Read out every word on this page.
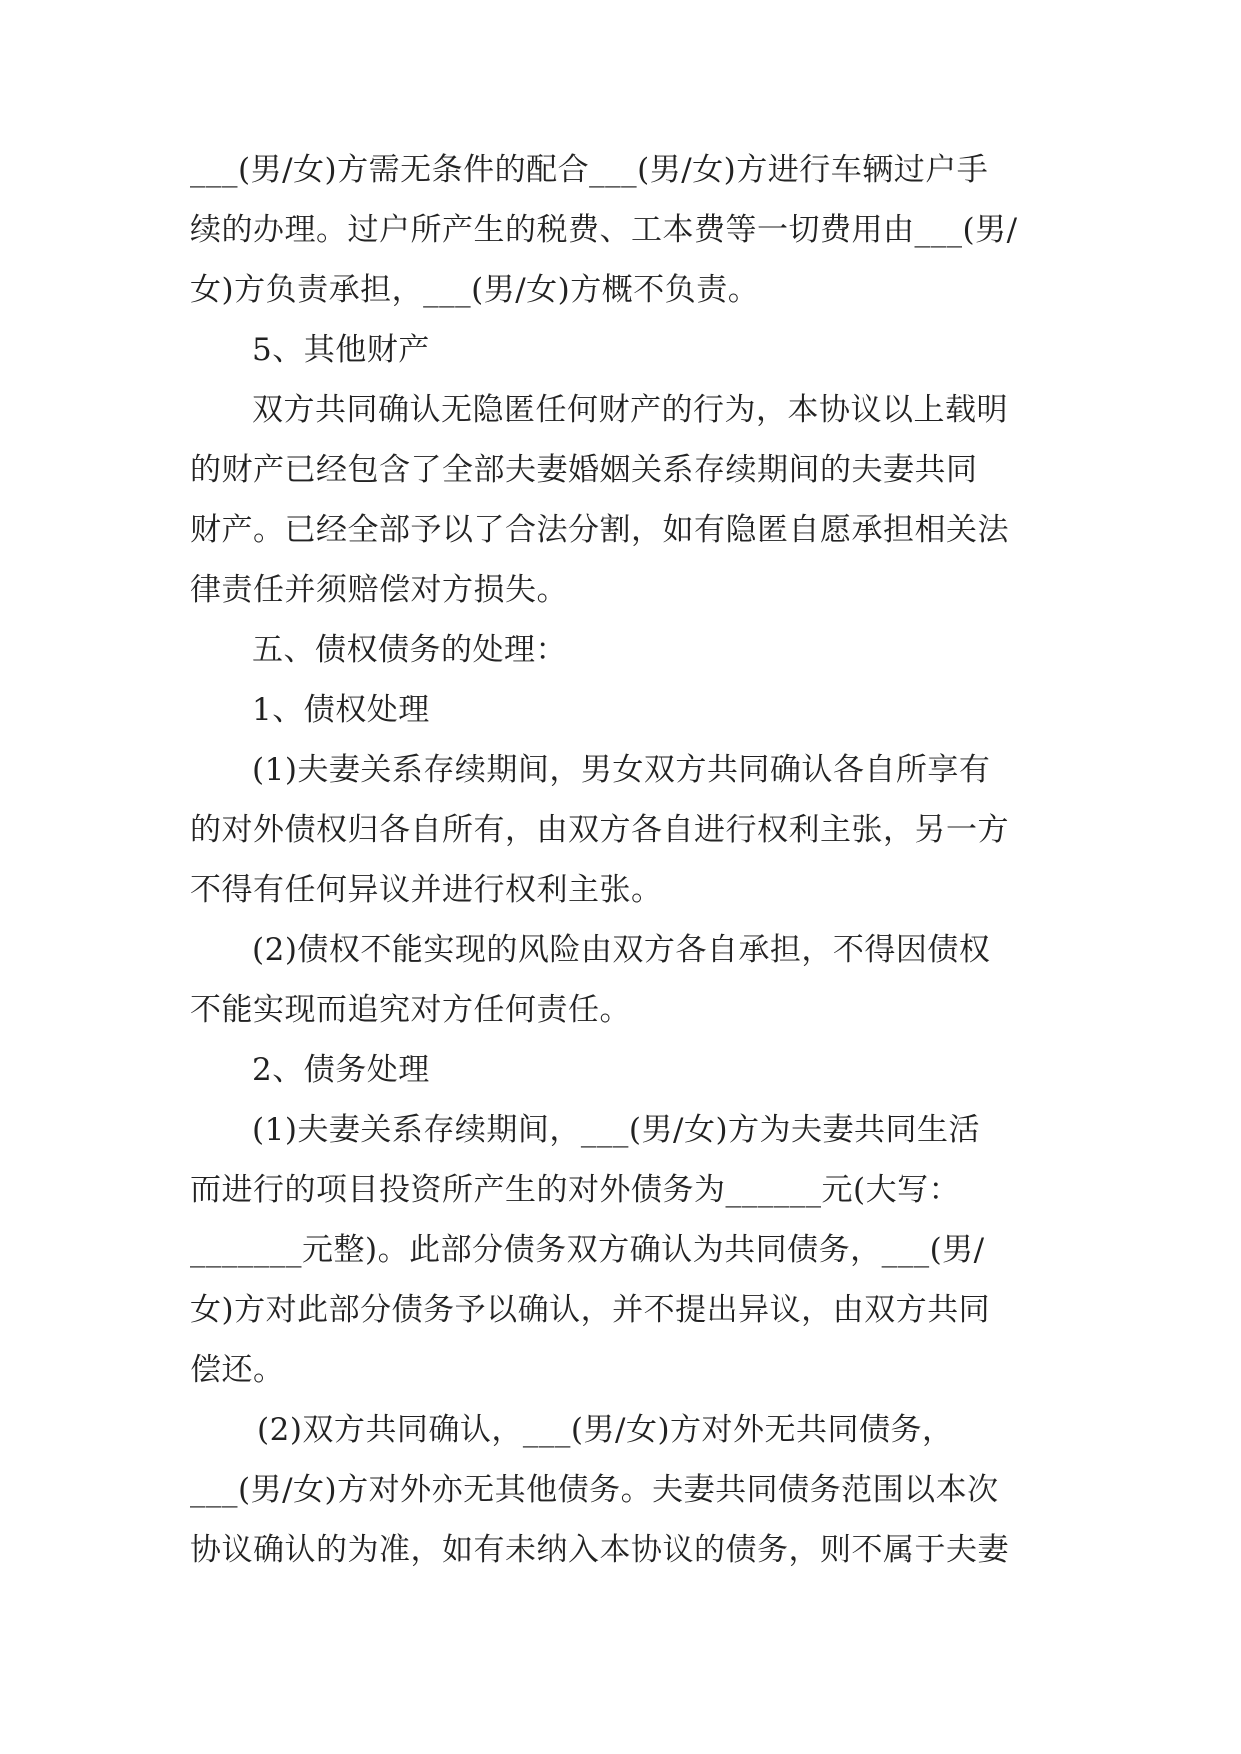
___(男/女)方需无条件的配合___(男/女)方进行车辆过户手
续的办理。过户所产生的税费、工本费等一切费用由___(男/
女)方负责承担，___(男/女)方概不负责。
5、其他财产
双方共同确认无隐匿任何财产的行为，本协议以上载明
的财产已经包含了全部夫妻婚姻关系存续期间的夫妻共同
财产。已经全部予以了合法分割，如有隐匿自愿承担相关法
律责任并须赔偿对方损失。
五、债权债务的处理：
1、债权处理
(1)夫妻关系存续期间，男女双方共同确认各自所享有
的对外债权归各自所有，由双方各自进行权利主张，另一方
不得有任何异议并进行权利主张。
(2)债权不能实现的风险由双方各自承担，不得因债权
不能实现而追究对方任何责任。
2、债务处理
(1)夫妻关系存续期间，___(男/女)方为夫妻共同生活
而进行的项目投资所产生的对外债务为______元(大写：
_______元整)。此部分债务双方确认为共同债务，___(男/
女)方对此部分债务予以确认，并不提出异议，由双方共同
偿还。
(2)双方共同确认，___(男/女)方对外无共同债务，
___(男/女)方对外亦无其他债务。夫妻共同债务范围以本次
协议确认的为准，如有未纳入本协议的债务，则不属于夫妻
